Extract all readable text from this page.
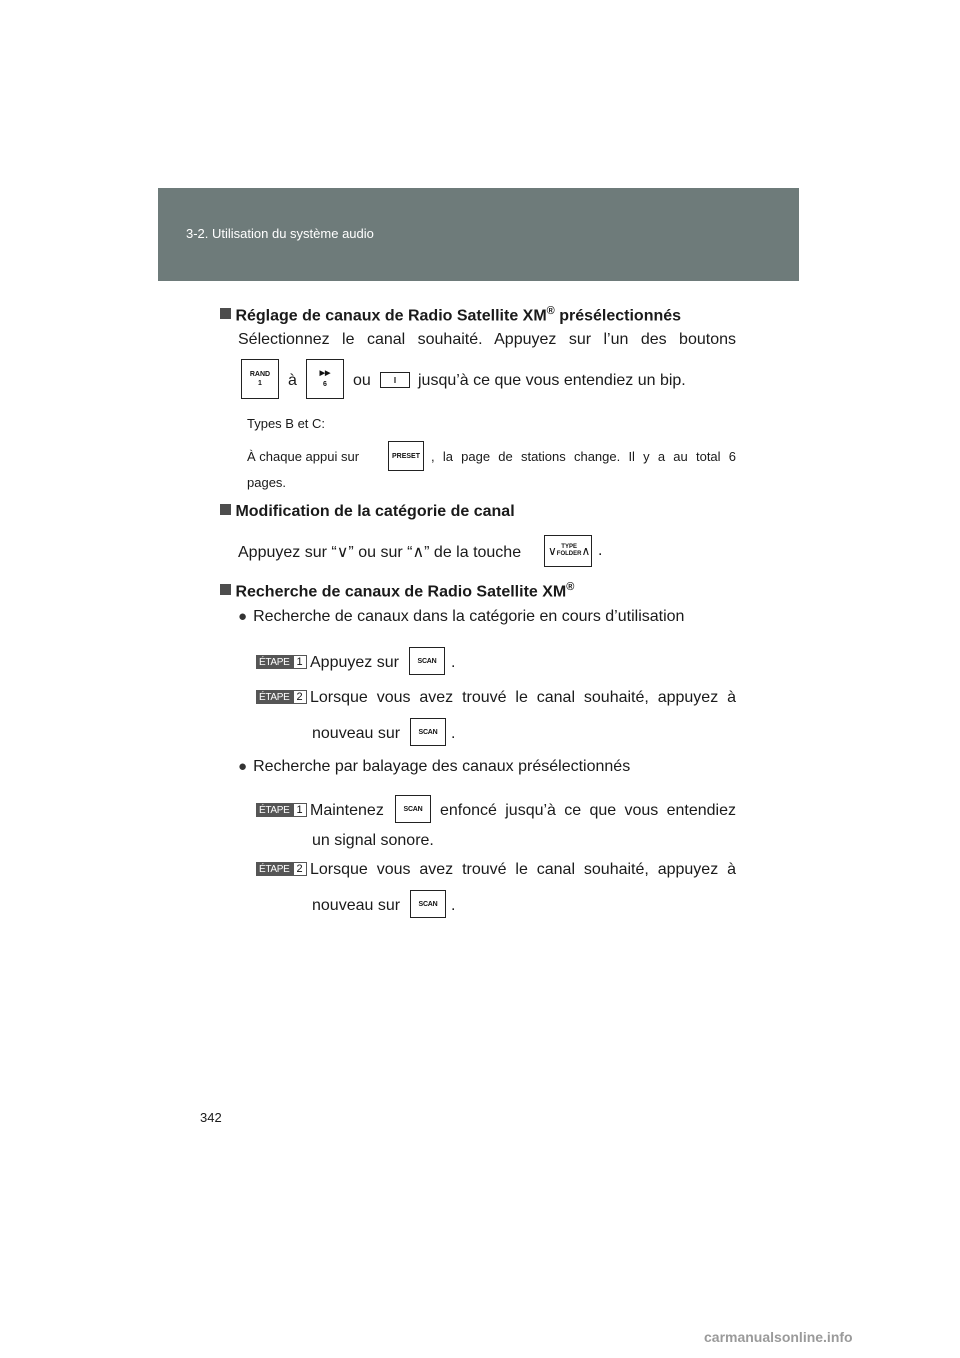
3-2. Utilisation du système audio
Réglage de canaux de Radio Satellite XM® présélectionnés
Sélectionnez le canal souhaité. Appuyez sur l’un des boutons
RAND
1 à	▶▶
6 ou	I	jusqu’à ce que vous entendiez un bip.
Types B et C:
À chaque appui sur	PRESET , la page de stations change. Il y a au total 6
pages.
Modification de la catégorie de canal
Appuyez sur “∨” ou sur “∧” de la touche ∨ TYPE
FOLDER ∧ .
Recherche de canaux de Radio Satellite XM®
● Recherche de canaux dans la catégorie en cours d’utilisation
ÉTAPE 1 Appuyez sur	SCAN .
ÉTAPE 2 Lorsque vous avez trouvé le canal souhaité, appuyez à
nouveau sur	SCAN .
● Recherche par balayage des canaux présélectionnés
ÉTAPE 1 Maintenez	SCAN	enfoncé jusqu’à ce que vous entendiez
un signal sonore.
ÉTAPE 2 Lorsque vous avez trouvé le canal souhaité, appuyez à
nouveau sur	SCAN .
342
carmanualsonline.info
